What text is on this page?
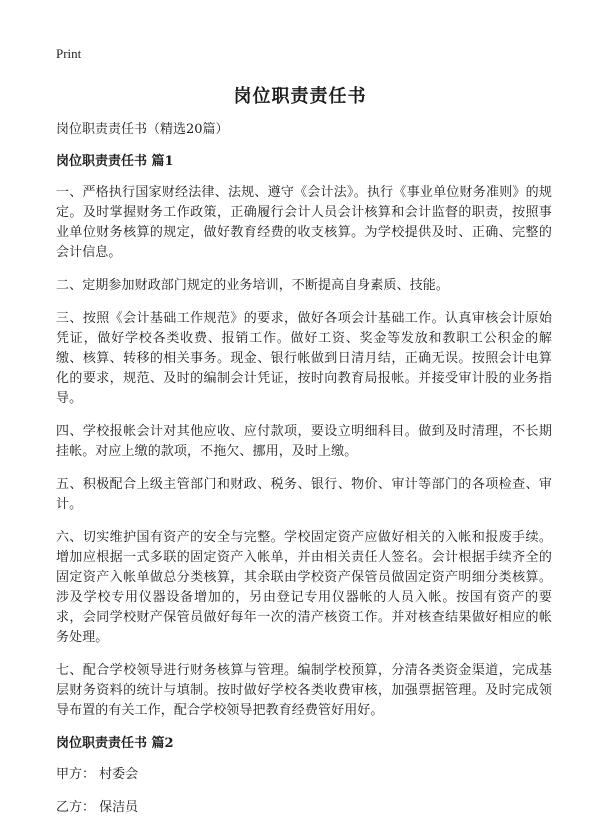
Print
岗位职责责任书

岗位职责责任书（精选20篇）

岗位职责责任书 篇1

一、严格执行国家财经法律、法规、遵守《会计法》。执行《事业单位财务准则》的规定。及时掌握财务工作政策，正确履行会计人员会计核算和会计监督的职责，按照事业单位财务核算的规定，做好教育经费的收支核算。为学校提供及时、正确、完整的会计信息。

二、定期参加财政部门规定的业务培训，不断提高自身素质、技能。

三、按照《会计基础工作规范》的要求，做好各项会计基础工作。认真审核会计原始凭证，做好学校各类收费、报销工作。做好工资、奖金等发放和教职工公积金的解缴、核算、转移的相关事务。现金、银行帐做到日清月结，正确无误。按照会计电算化的要求，规范、及时的编制会计凭证，按时向教育局报帐。并接受审计股的业务指导。

四、学校报帐会计对其他应收、应付款项，要设立明细科目。做到及时清理，不长期挂帐。对应上缴的款项，不拖欠、挪用，及时上缴。

五、积极配合上级主管部门和财政、税务、银行、物价、审计等部门的各项检查、审计。

六、切实维护国有资产的安全与完整。学校固定资产应做好相关的入帐和报废手续。增加应根据一式多联的固定资产入帐单，并由相关责任人签名。会计根据手续齐全的固定资产入帐单做总分类核算，其余联由学校资产保管员做固定资产明细分类核算。涉及学校专用仪器设备增加的，另由登记专用仪器帐的人员入帐。按国有资产的要求，会同学校财产保管员做好每年一次的清产核资工作。并对核查结果做好相应的帐务处理。

七、配合学校领导进行财务核算与管理。编制学校预算，分清各类资金渠道，完成基层财务资料的统计与填制。按时做好学校各类收费审核，加强票据管理。及时完成领导布置的有关工作，配合学校领导把教育经费管好用好。

岗位职责责任书 篇2

甲方： 村委会

乙方： 保洁员
